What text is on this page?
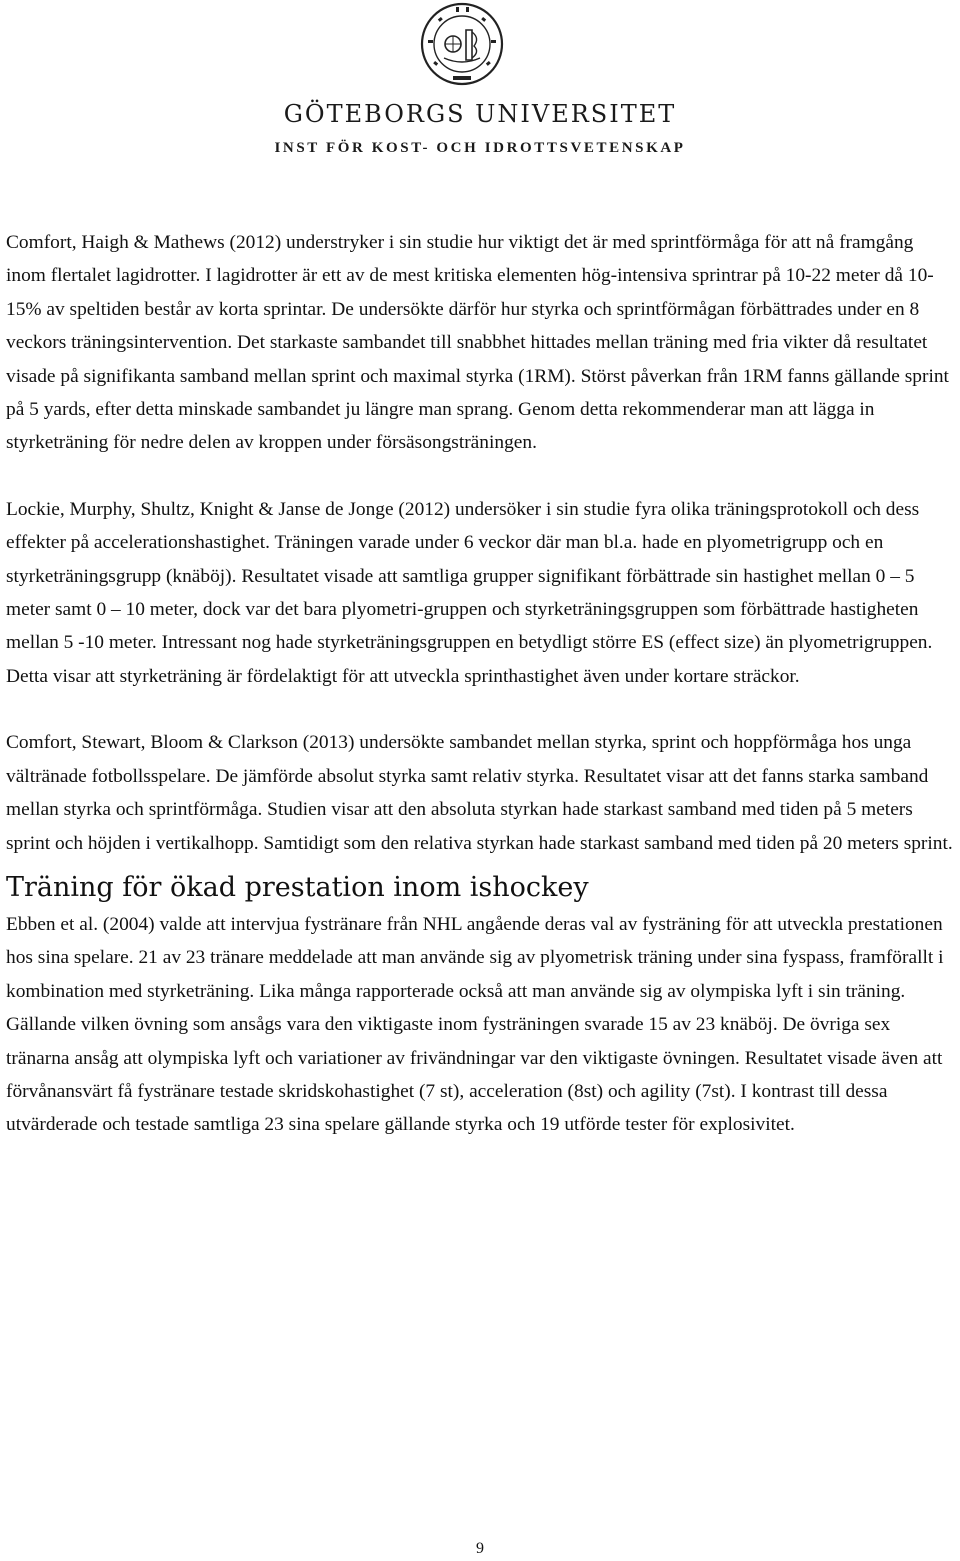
GÖTEBORGS UNIVERSITET
INST FÖR KOST- OCH IDROTTSVETENSKAP

Comfort, Haigh & Mathews (2012) understryker i sin studie hur viktigt det är med sprintförmåga för att nå framgång inom flertalet lagidrotter. I lagidrotter är ett av de mest kritiska elementen hög-intensiva sprintrar på 10-22 meter då 10-15% av speltiden består av korta sprintar. De undersökte därför hur styrka och sprintförmågan förbättrades under en 8 veckors träningsintervention. Det starkaste sambandet till snabbhet hittades mellan träning med fria vikter då resultatet visade på signifikanta samband mellan sprint och maximal styrka (1RM). Störst påverkan från 1RM fanns gällande sprint på 5 yards, efter detta minskade sambandet ju längre man sprang. Genom detta rekommenderar man att lägga in styrketräning för nedre delen av kroppen under försäsongsträningen.

Lockie, Murphy, Shultz, Knight & Janse de Jonge (2012) undersöker i sin studie fyra olika träningsprotokoll och dess effekter på accelerationshastighet. Träningen varade under 6 veckor där man bl.a. hade en plyometrigrupp och en styrketräningsgrupp (knäböj). Resultatet visade att samtliga grupper signifikant förbättrade sin hastighet mellan 0 – 5 meter samt 0 – 10 meter, dock var det bara plyometri-gruppen och styrketräningsgruppen som förbättrade hastigheten mellan 5 -10 meter. Intressant nog hade styrketräningsgruppen en betydligt större ES (effect size) än plyometrigruppen. Detta visar att styrketräning är fördelaktigt för att utveckla sprinthastighet även under kortare sträckor.

Comfort, Stewart, Bloom & Clarkson (2013) undersökte sambandet mellan styrka, sprint och hoppförmåga hos unga vältränade fotbollsspelare. De jämförde absolut styrka samt relativ styrka. Resultatet visar att det fanns starka samband mellan styrka och sprintförmåga. Studien visar att den absoluta styrkan hade starkast samband med tiden på 5 meters sprint och höjden i vertikalhopp. Samtidigt som den relativa styrkan hade starkast samband med tiden på 20 meters sprint.

Träning för ökad prestation inom ishockey

Ebben et al. (2004) valde att intervjua fystränare från NHL angående deras val av fysträning för att utveckla prestationen hos sina spelare. 21 av 23 tränare meddelade att man använde sig av plyometrisk träning under sina fyspass, framförallt i kombination med styrketräning. Lika många rapporterade också att man använde sig av olympiska lyft i sin träning. Gällande vilken övning som ansågs vara den viktigaste inom fysträningen svarade 15 av 23 knäböj. De övriga sex tränarna ansåg att olympiska lyft och variationer av frivändningar var den viktigaste övningen. Resultatet visade även att förvånansvärt få fystränare testade skridskohastighet (7 st), acceleration (8st) och agility (7st). I kontrast till dessa utvärderade och testade samtliga 23 sina spelare gällande styrka och 19 utförde tester för explosivitet.

9
